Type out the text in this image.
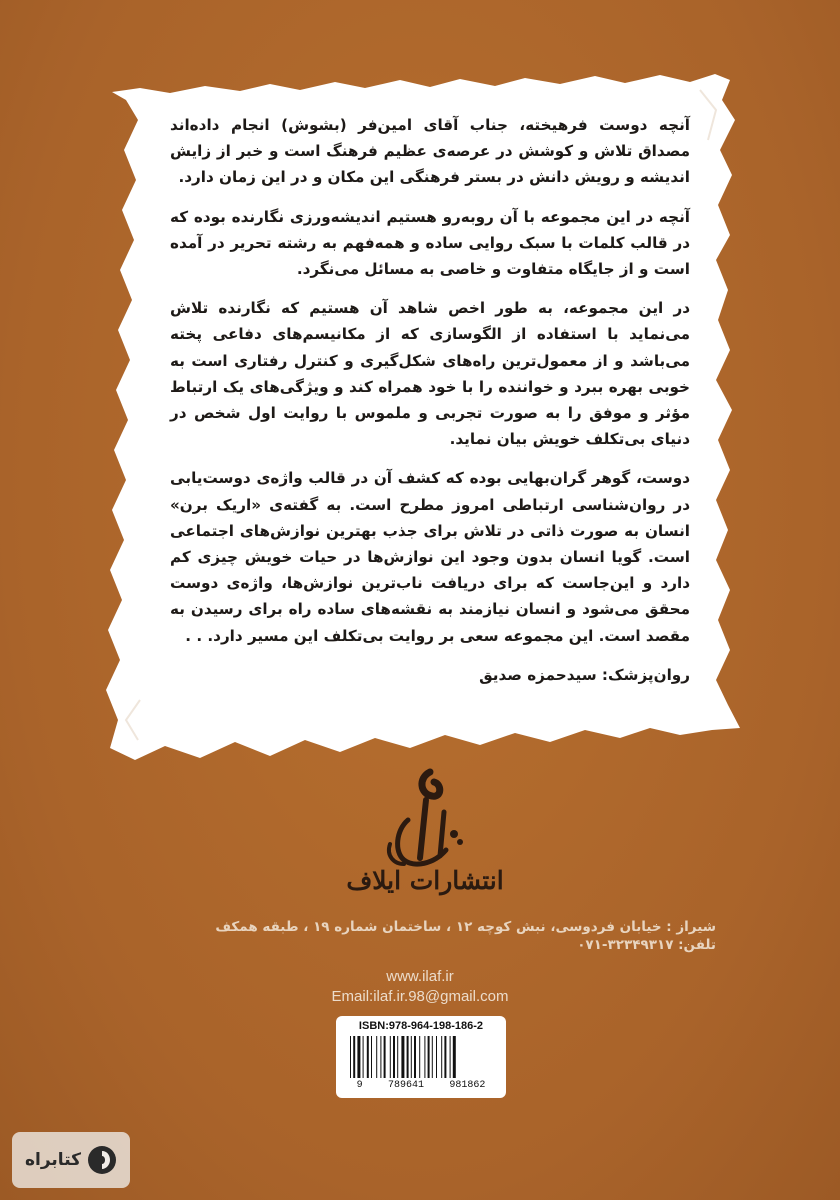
آنچه دوست فرهیخته، جناب آقای امین‌فر (بشوش) انجام داده‌اند مصداق تلاش و کوشش در عرصه‌ی عظیم فرهنگ است و خبر از زایش اندیشه و رویش دانش در بستر فرهنگی این مکان و در این زمان دارد.

آنچه در این مجموعه با آن روبه‌رو هستیم اندیشه‌ورزی نگارنده بوده که در قالب کلمات با سبک روایی ساده و همه‌فهم به رشته تحریر در آمده است و از جایگاه متفاوت و خاصی به مسائل می‌نگرد.

در این مجموعه، به طور اخص شاهد آن هستیم که نگارنده تلاش می‌نماید با استفاده از الگوسازی که از مکانیسم‌های دفاعی پخته می‌باشد و از معمول‌ترین راه‌های شکل‌گیری و کنترل رفتاری است به خوبی بهره ببرد و خواننده را با خود همراه کند و ویژگی‌های یک ارتباط مؤثر و موفق را به صورت تجربی و ملموس با روایت اول شخص در دنیای بی‌تکلف خویش بیان نماید.

دوست، گوهر گران‌بهایی بوده که کشف آن در قالب واژه‌ی دوست‌یابی در روان‌شناسی ارتباطی امروز مطرح است. به گفته‌ی «اریک برن» انسان به صورت ذاتی در تلاش برای جذب بهترین نوازش‌های اجتماعی است. گویا انسان بدون وجود این نوازش‌ها در حیات خویش چیزی کم دارد و این‌جاست که برای دریافت ناب‌ترین نوازش‌ها، واژه‌ی دوست محقق می‌شود و انسان نیازمند به نقشه‌های ساده راه برای رسیدن به مقصد است. این مجموعه سعی بر روایت بی‌تکلف این مسیر دارد. . .

روان‌پزشک: سیدحمزه صدیق

انتشارات ایلاف
شیراز : خیابان فردوسی، نبش کوچه ۱۲ ، ساختمان شماره ۱۹ ، طبقه همکف
تلفن: ۳۲۳۴۹۳۱۷-۰۷۱
www.ilaf.ir
Email:ilaf.ir.98@gmail.com
ISBN:978-964-198-186-2
9	789641	981862
کتابراه
